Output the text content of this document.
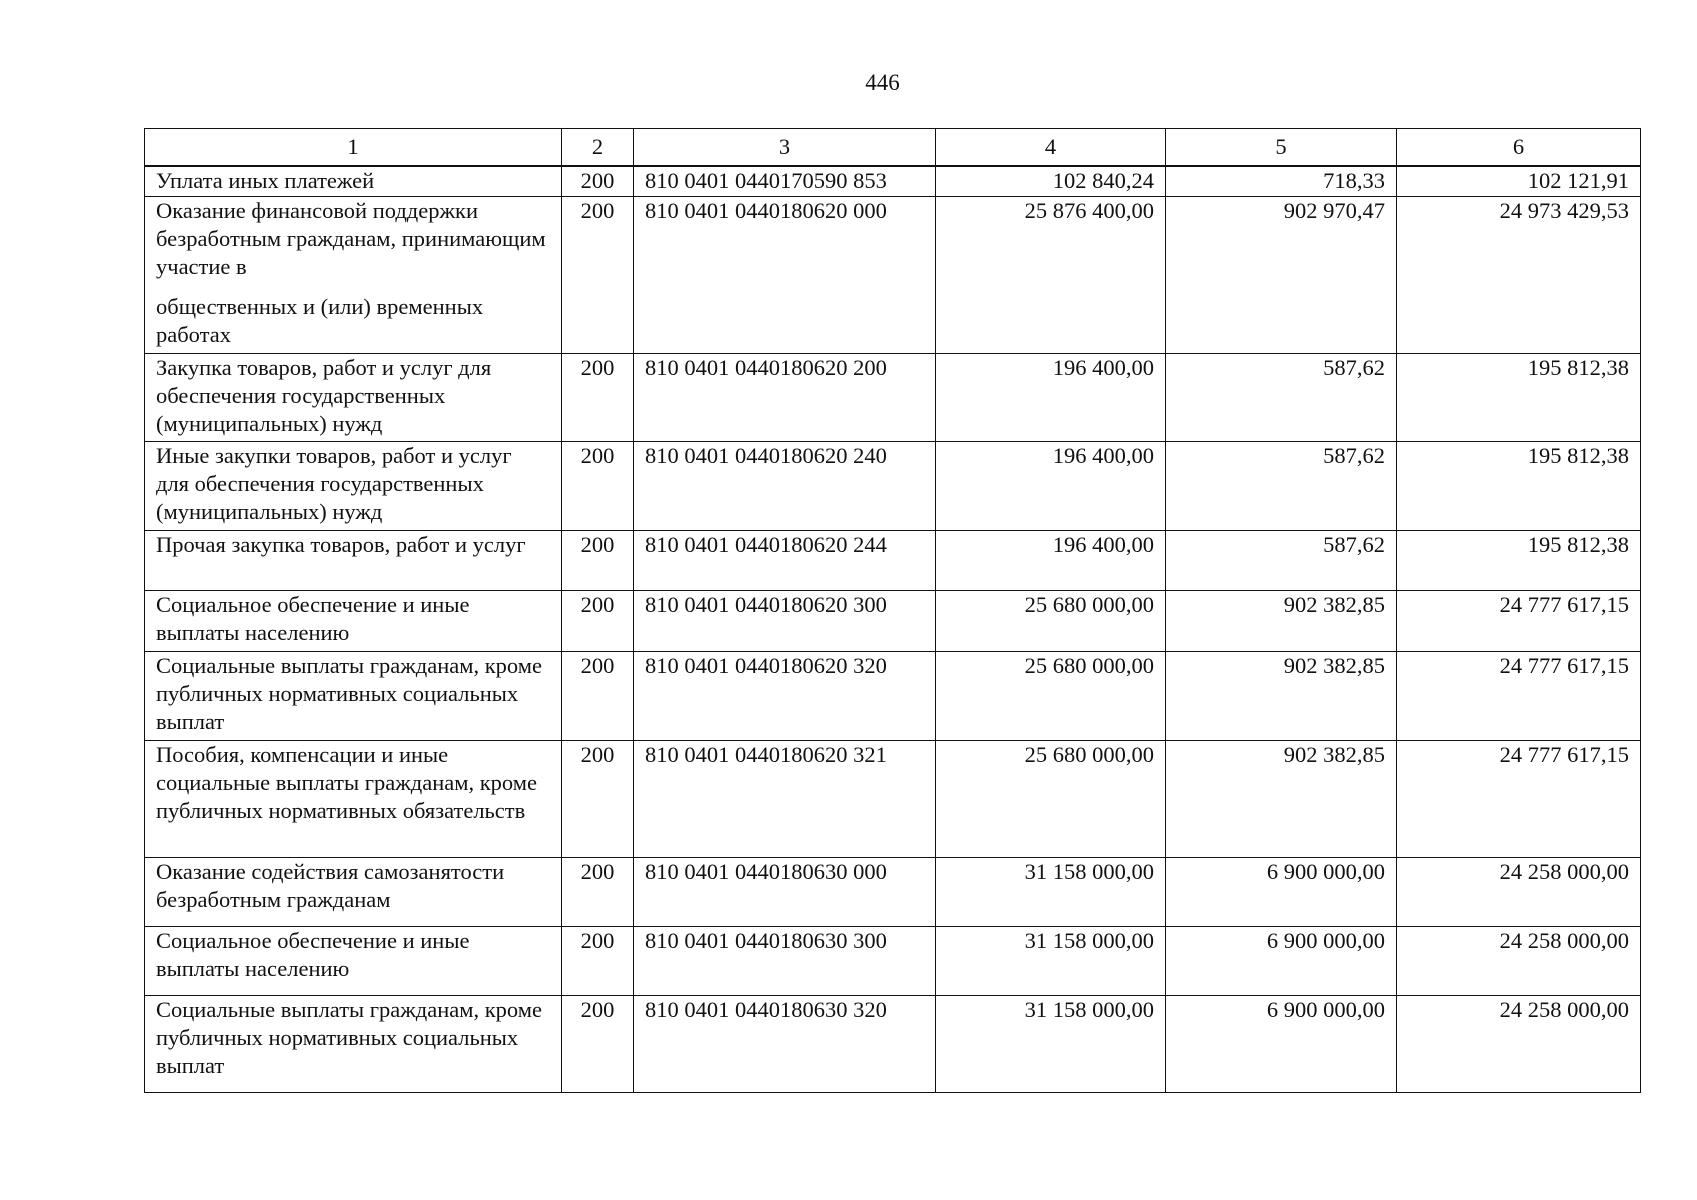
446
1	2	3	4	5	6
Уплата иных платежей	200	810 0401 0440170590 853	102 840,24	718,33	102 121,91
Оказание финансовой поддержки безработным гражданам, принимающим участие в
общественных и (или) временных работах	200	810 0401 0440180620 000	25 876 400,00	902 970,47	24 973 429,53
Закупка товаров, работ и услуг для обеспечения государственных (муниципальных) нужд	200	810 0401 0440180620 200	196 400,00	587,62	195 812,38
Иные закупки товаров, работ и услуг для обеспечения государственных (муниципальных) нужд	200	810 0401 0440180620 240	196 400,00	587,62	195 812,38
Прочая закупка товаров, работ и услуг	200	810 0401 0440180620 244	196 400,00	587,62	195 812,38
Социальное обеспечение и иные выплаты населению	200	810 0401 0440180620 300	25 680 000,00	902 382,85	24 777 617,15
Социальные выплаты гражданам, кроме публичных нормативных социальных выплат	200	810 0401 0440180620 320	25 680 000,00	902 382,85	24 777 617,15
Пособия, компенсации и иные социальные выплаты гражданам, кроме публичных нормативных обязательств	200	810 0401 0440180620 321	25 680 000,00	902 382,85	24 777 617,15
Оказание содействия самозанятости безработным гражданам	200	810 0401 0440180630 000	31 158 000,00	6 900 000,00	24 258 000,00
Социальное обеспечение и иные выплаты населению	200	810 0401 0440180630 300	31 158 000,00	6 900 000,00	24 258 000,00
Социальные выплаты гражданам, кроме публичных нормативных социальных выплат	200	810 0401 0440180630 320	31 158 000,00	6 900 000,00	24 258 000,00
